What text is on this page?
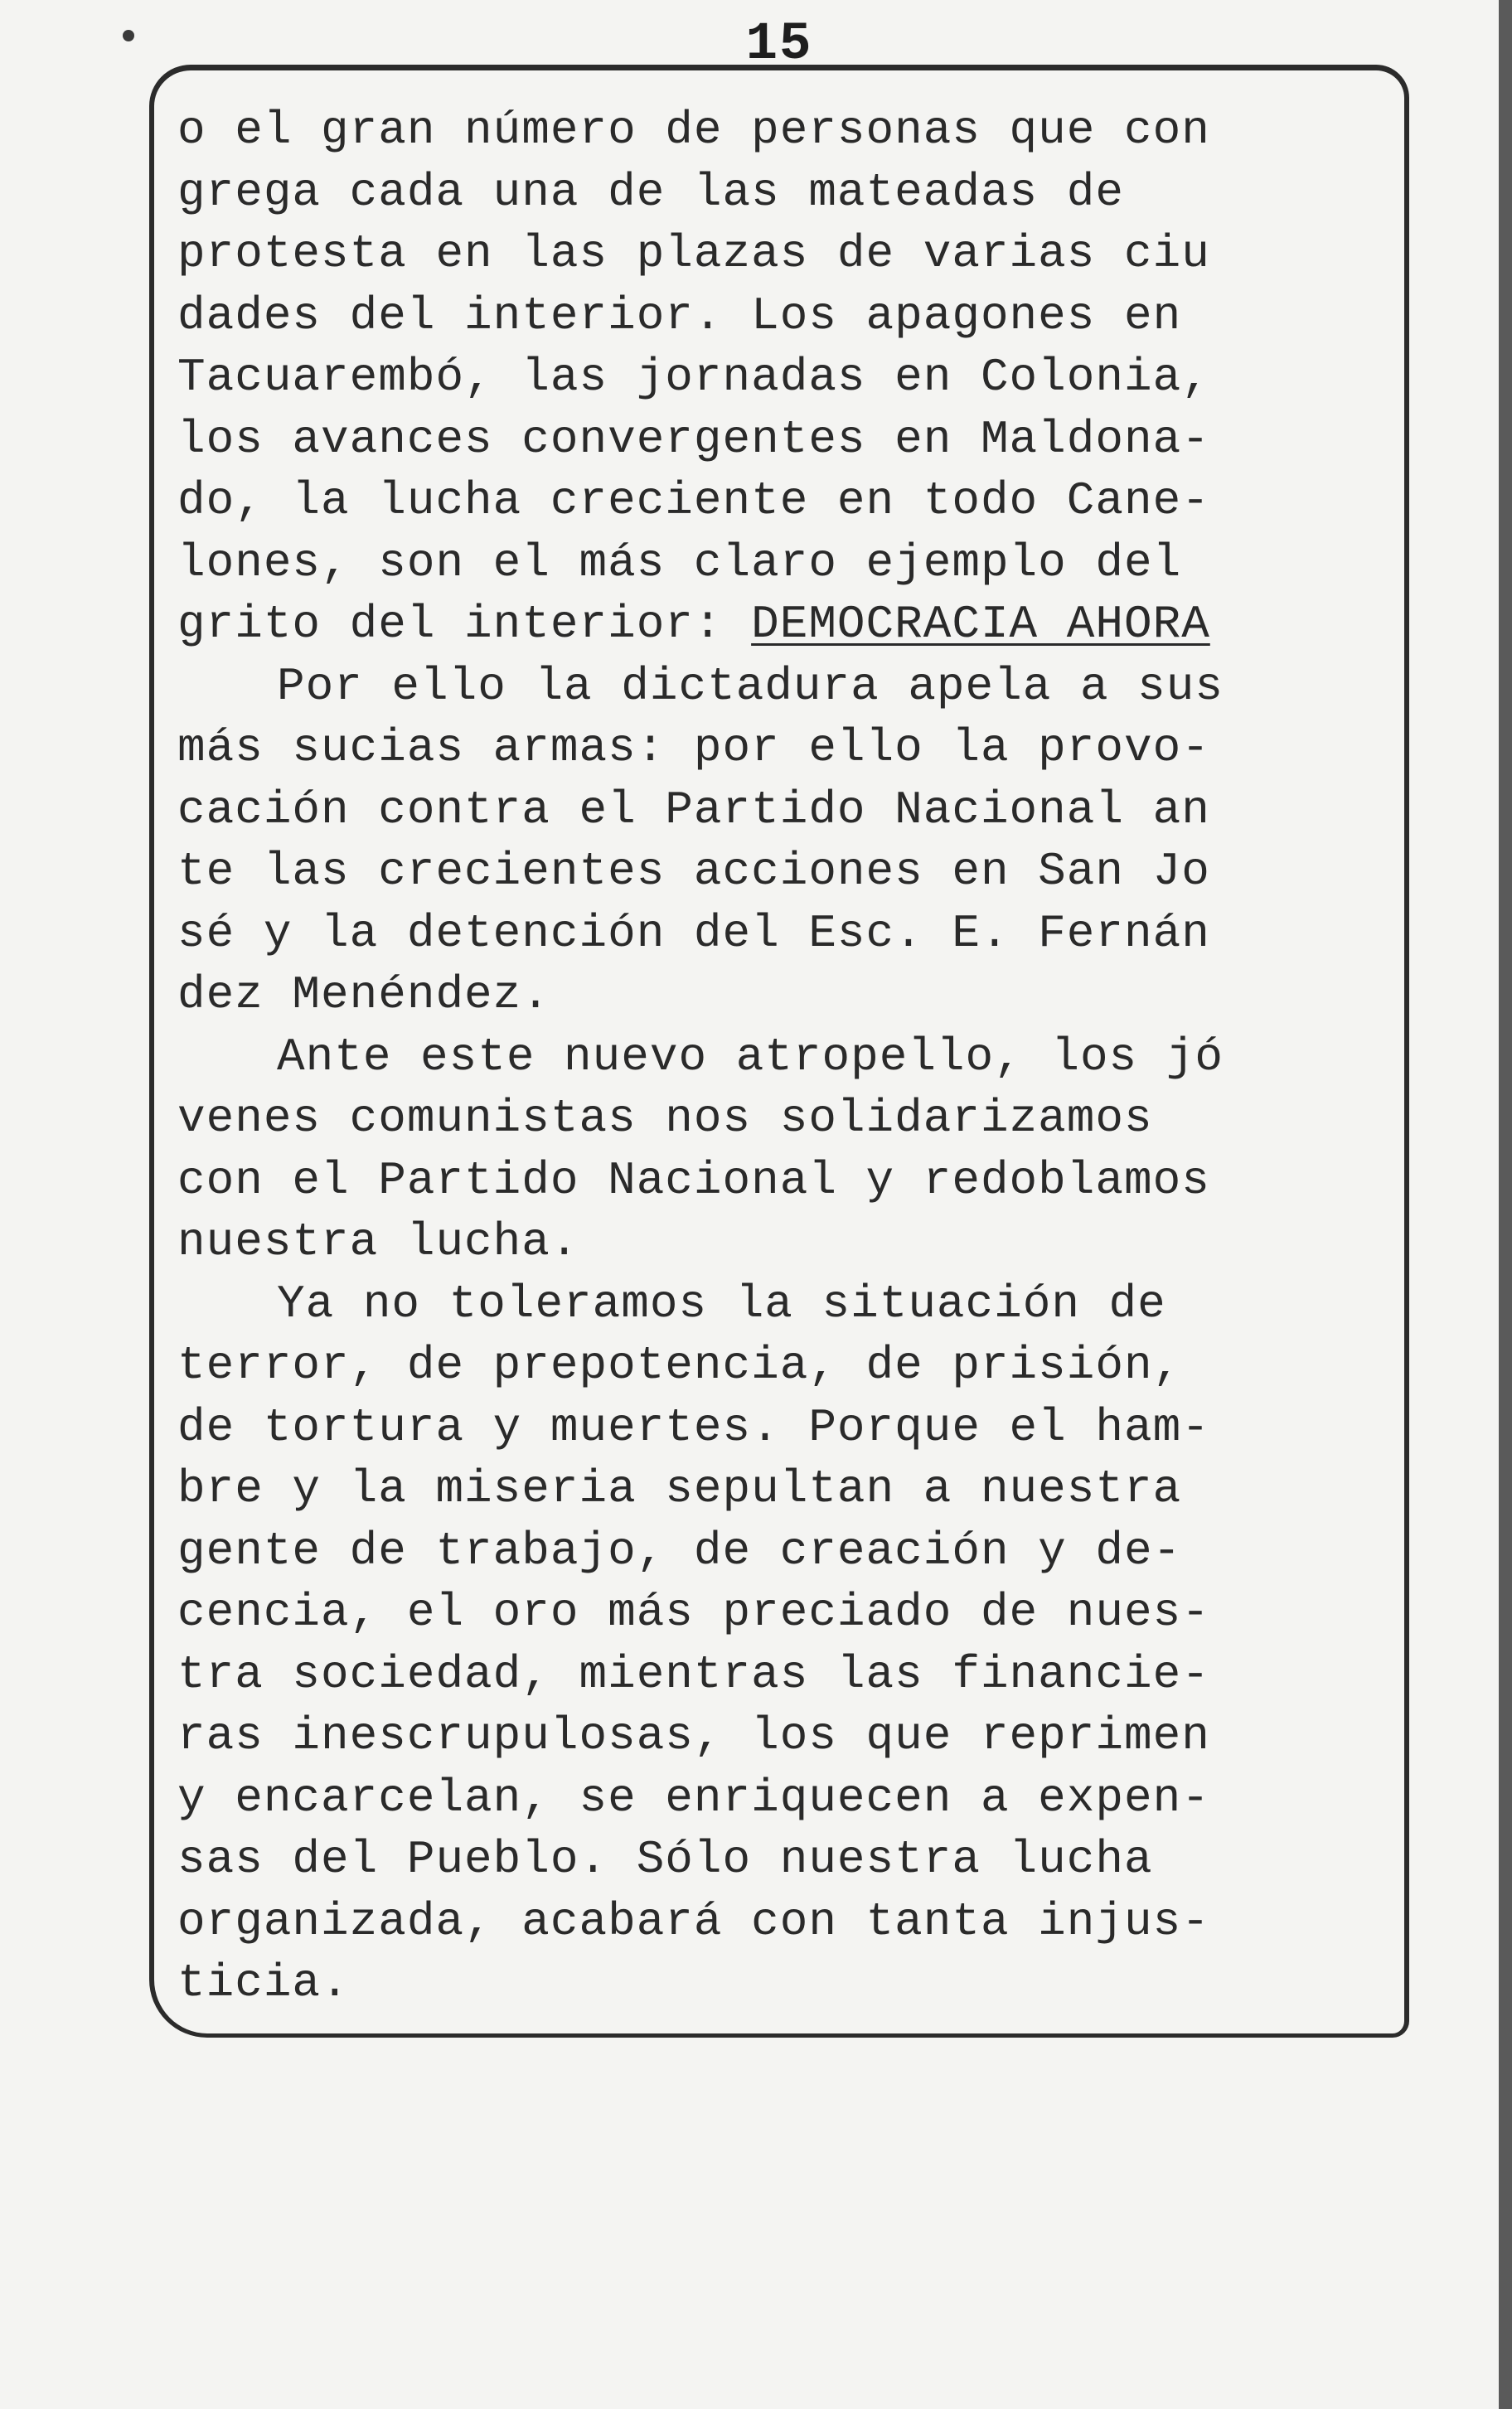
15
o el gran número de personas que con
grega cada una de las mateadas de
protesta en las plazas de varias ciu
dades del interior. Los apagones en
Tacuarembó, las jornadas en Colonia,
los avances convergentes en Maldona-
do, la lucha creciente en todo Cane-
lones, son el más claro ejemplo del
grito del interior: DEMOCRACIA AHORA
Por ello la dictadura apela a sus
más sucias armas: por ello la provo-
cación contra el Partido Nacional an
te las crecientes acciones en San Jo
sé y la detención del Esc. E. Fernán
dez Menéndez.
Ante este nuevo atropello, los jó
venes comunistas nos solidarizamos
con el Partido Nacional y redoblamos
nuestra lucha.
Ya no toleramos la situación de
terror, de prepotencia, de prisión,
de tortura y muertes. Porque el ham-
bre y la miseria sepultan a nuestra
gente de trabajo, de creación y de-
cencia, el oro más preciado de nues-
tra sociedad, mientras las financie-
ras inescrupulosas, los que reprimen
y encarcelan, se enriquecen a expen-
sas del Pueblo. Sólo nuestra lucha
organizada, acabará con tanta injus-
ticia.
